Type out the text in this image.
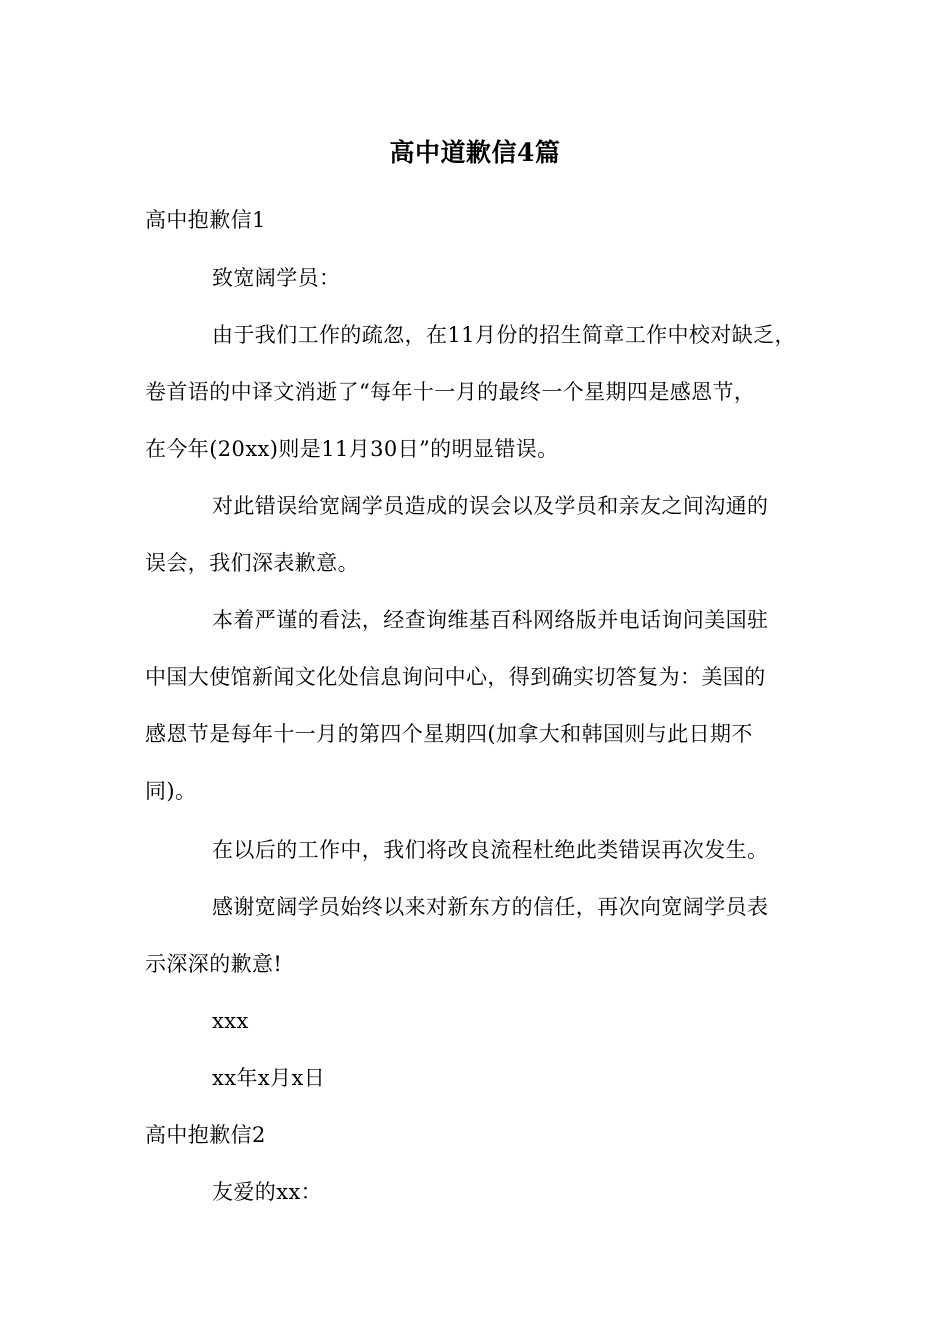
高中道歉信4篇
高中抱歉信1
致宽阔学员：
由于我们工作的疏忽，在11月份的招生简章工作中校对缺乏，
卷首语的中译文消逝了“每年十一月的最终一个星期四是感恩节，
在今年(20xx)则是11月30日”的明显错误。
对此错误给宽阔学员造成的误会以及学员和亲友之间沟通的
误会，我们深表歉意。
本着严谨的看法，经查询维基百科网络版并电话询问美国驻
中国大使馆新闻文化处信息询问中心，得到确实切答复为：美国的
感恩节是每年十一月的第四个星期四(加拿大和韩国则与此日期不
同)。
在以后的工作中，我们将改良流程杜绝此类错误再次发生。
感谢宽阔学员始终以来对新东方的信任，再次向宽阔学员表
示深深的歉意!
xxx
xx年x月x日
高中抱歉信2
友爱的xx：
